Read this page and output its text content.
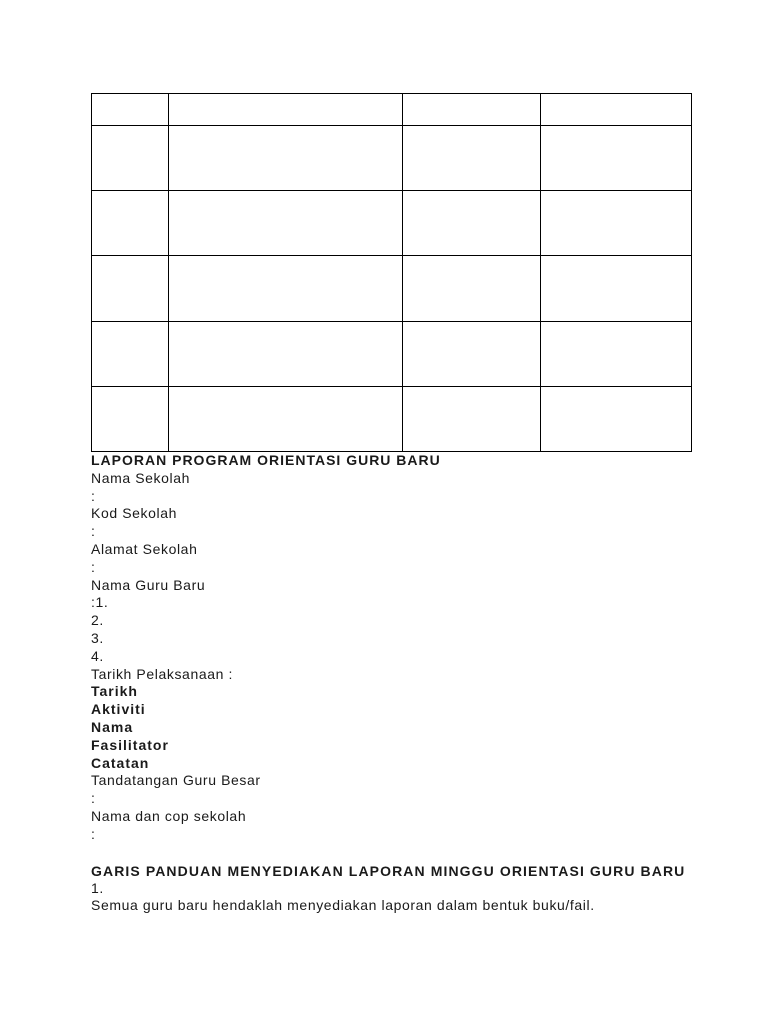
LAPORAN PROGRAM ORIENTASI GURU BARU
Nama Sekolah
:
Kod Sekolah
:
Alamat Sekolah
:
Nama Guru Baru
:1.
2.
3.
4.
Tarikh Pelaksanaan :
Tarikh
Aktiviti
Nama
Fasilitator
Catatan
Tandatangan Guru Besar
:
Nama dan cop sekolah
:
GARIS PANDUAN MENYEDIAKAN LAPORAN MINGGU ORIENTASI GURU BARU
1.
Semua guru baru hendaklah menyediakan laporan dalam bentuk buku/fail.
